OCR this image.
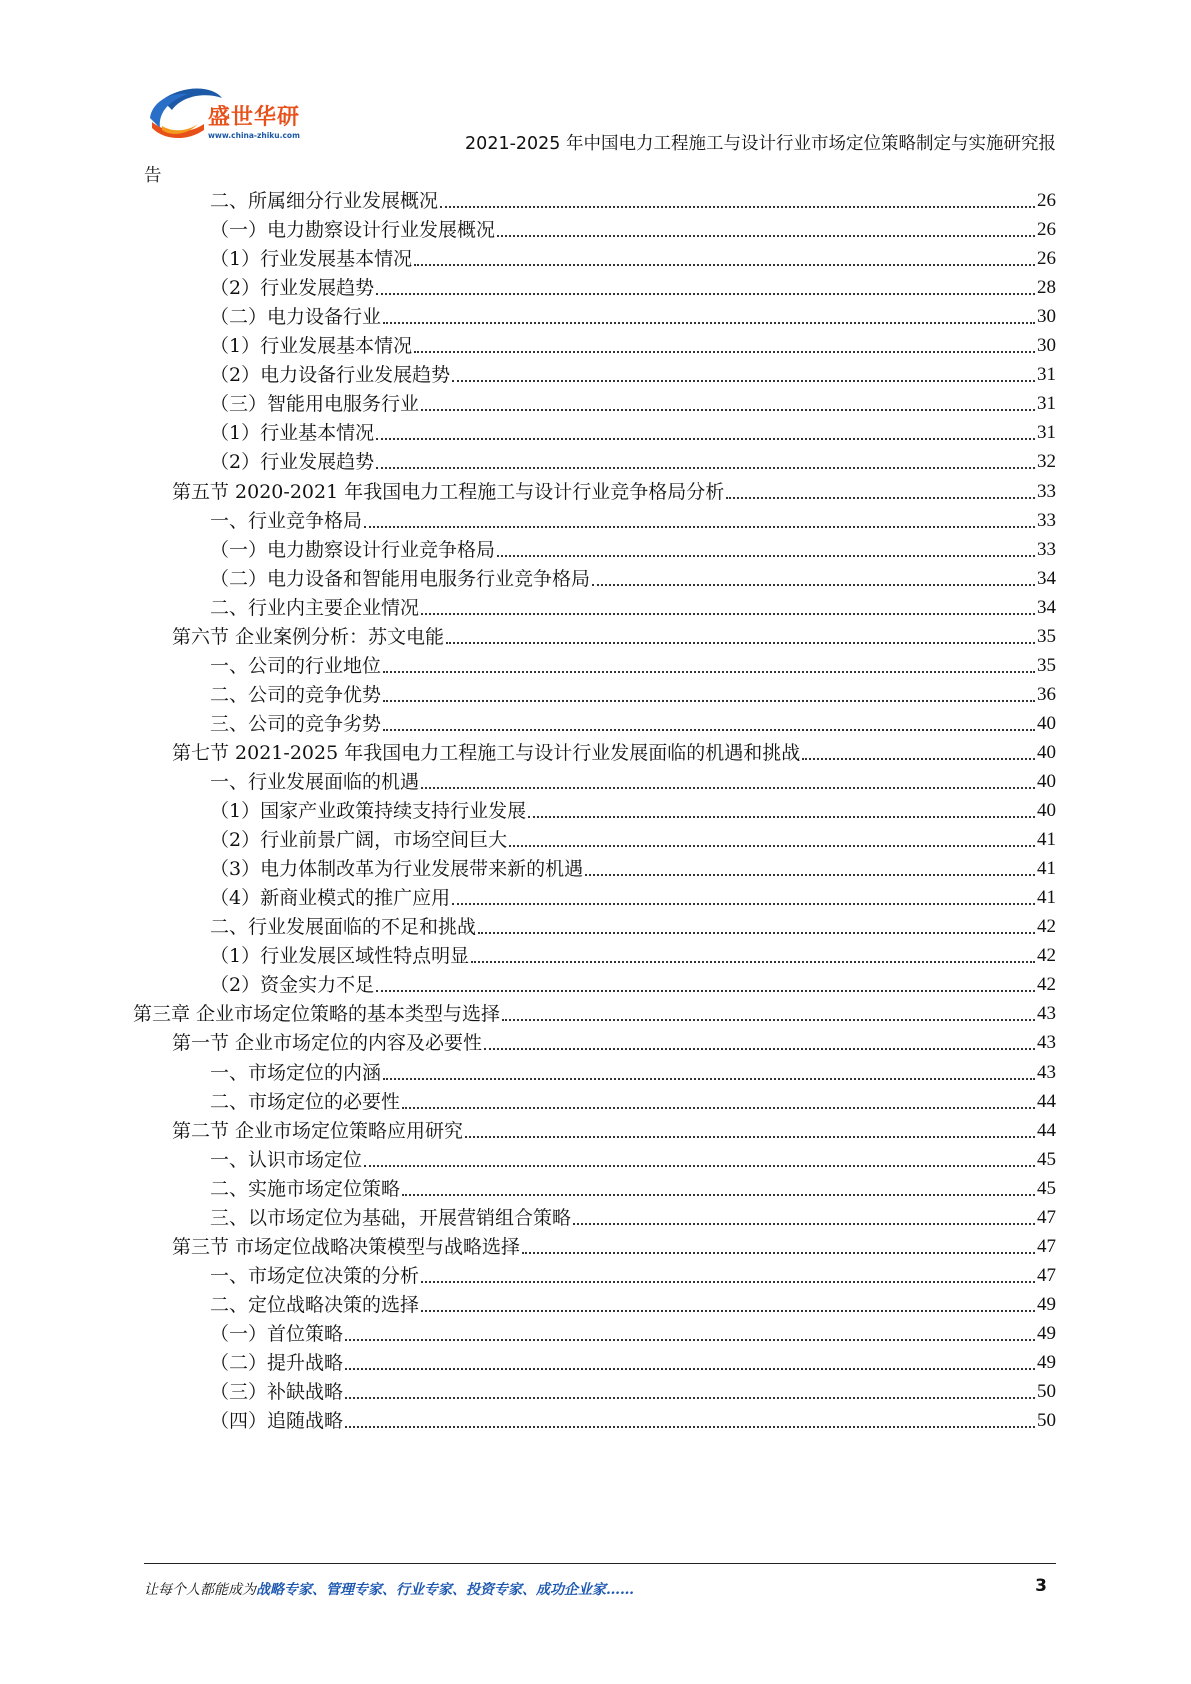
盛世华研
www.china-zhiku.com	2021-2025 年中国电力工程施工与设计行业市场定位策略制定与实施研究报
告
二、所属细分行业发展概况	26
（一）电力勘察设计行业发展概况	26
（1）行业发展基本情况	26
（2）行业发展趋势	28
（二）电力设备行业	30
（1）行业发展基本情况	30
（2）电力设备行业发展趋势	31
（三）智能用电服务行业	31
（1）行业基本情况	31
（2）行业发展趋势	32
第五节 2020-2021 年我国电力工程施工与设计行业竞争格局分析	33
一、行业竞争格局	33
（一）电力勘察设计行业竞争格局	33
（二）电力设备和智能用电服务行业竞争格局	34
二、行业内主要企业情况	34
第六节 企业案例分析：苏文电能	35
一、公司的行业地位	35
二、公司的竞争优势	36
三、公司的竞争劣势	40
第七节 2021-2025 年我国电力工程施工与设计行业发展面临的机遇和挑战	40
一、行业发展面临的机遇	40
（1）国家产业政策持续支持行业发展	40
（2）行业前景广阔，市场空间巨大	41
（3）电力体制改革为行业发展带来新的机遇	41
（4）新商业模式的推广应用	41
二、行业发展面临的不足和挑战	42
（1）行业发展区域性特点明显	42
（2）资金实力不足	42
第三章 企业市场定位策略的基本类型与选择	43
第一节 企业市场定位的内容及必要性	43
一、市场定位的内涵	43
二、市场定位的必要性	44
第二节 企业市场定位策略应用研究	44
一、认识市场定位	45
二、实施市场定位策略	45
三、以市场定位为基础，开展营销组合策略	47
第三节 市场定位战略决策模型与战略选择	47
一、市场定位决策的分析	47
二、定位战略决策的选择	49
（一）首位策略	49
（二）提升战略	49
（三）补缺战略	50
（四）追随战略	50
让每个人都能成为战略专家、管理专家、行业专家、投资专家、成功企业家……	3
